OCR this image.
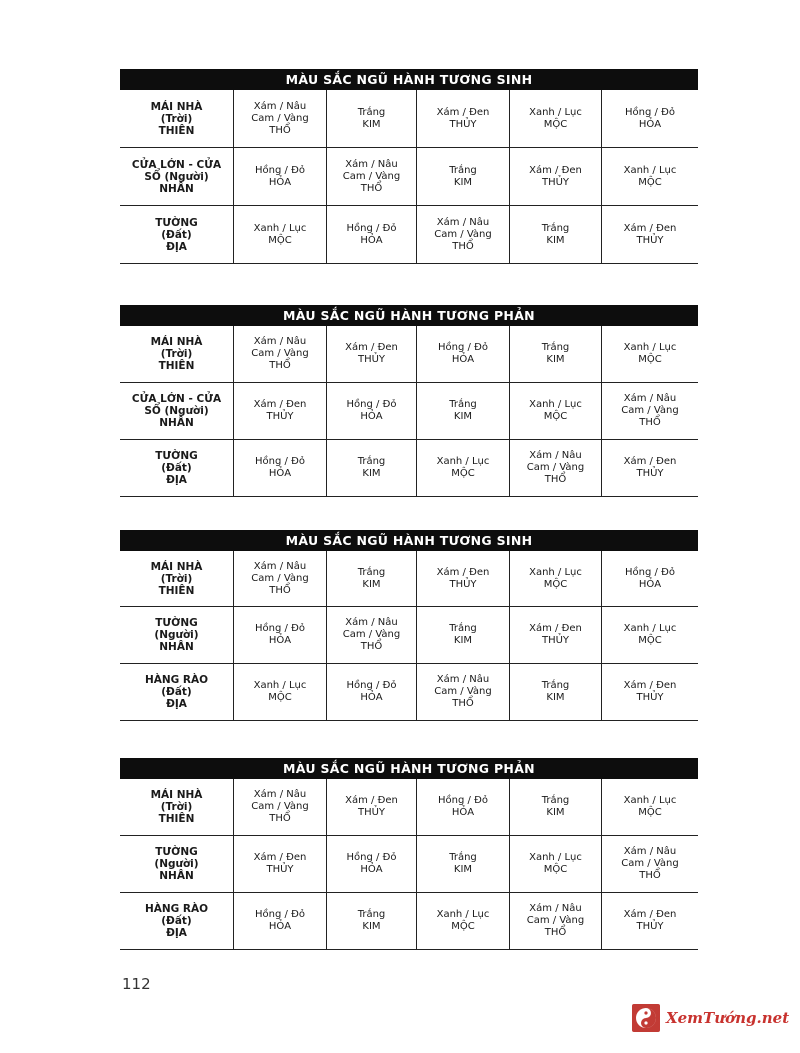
MÀU SẮC NGŨ HÀNH TƯƠNG SINH
MÁI NHÀ
(Trời)
THIÊN
Xám / Nâu
Cam / Vàng
THỔ
Trắng
KIM
Xám / Đen
THỦY
Xanh / Lục
MỘC
Hồng / Đỏ
HỎA
CỬA LỚN - CỬA
SỔ (Người)
NHÂN
Hồng / Đỏ
HỎA
Xám / Nâu
Cam / Vàng
THỔ
Trắng
KIM
Xám / Đen
THỦY
Xanh / Lục
MỘC
TƯỜNG
(Đất)
ĐỊA
Xanh / Lục
MỘC
Hồng / Đỏ
HỎA
Xám / Nâu
Cam / Vàng
THỔ
Trắng
KIM
Xám / Đen
THỦY
MÀU SẮC NGŨ HÀNH TƯƠNG PHẢN
MÁI NHÀ
(Trời)
THIÊN
Xám / Nâu
Cam / Vàng
THỔ
Xám / Đen
THỦY
Hồng / Đỏ
HỎA
Trắng
KIM
Xanh / Lục
MỘC
CỬA LỚN - CỬA
SỔ (Người)
NHÂN
Xám / Đen
THỦY
Hồng / Đỏ
HỎA
Trắng
KIM
Xanh / Lục
MỘC
Xám / Nâu
Cam / Vàng
THỔ
TƯỜNG
(Đất)
ĐỊA
Hồng / Đỏ
HỎA
Trắng
KIM
Xanh / Lục
MỘC
Xám / Nâu
Cam / Vàng
THỔ
Xám / Đen
THỦY
MÀU SẮC NGŨ HÀNH TƯƠNG SINH
MÁI NHÀ
(Trời)
THIÊN
Xám / Nâu
Cam / Vàng
THỔ
Trắng
KIM
Xám / Đen
THỦY
Xanh / Lục
MỘC
Hồng / Đỏ
HỎA
TƯỜNG
(Người)
NHÂN
Hồng / Đỏ
HỎA
Xám / Nâu
Cam / Vàng
THỔ
Trắng
KIM
Xám / Đen
THỦY
Xanh / Lục
MỘC
HÀNG RÀO
(Đất)
ĐỊA
Xanh / Lục
MỘC
Hồng / Đỏ
HỎA
Xám / Nâu
Cam / Vàng
THỔ
Trắng
KIM
Xám / Đen
THỦY
MÀU SẮC NGŨ HÀNH TƯƠNG PHẢN
MÁI NHÀ
(Trời)
THIÊN
Xám / Nâu
Cam / Vàng
THỔ
Xám / Đen
THỦY
Hồng / Đỏ
HỎA
Trắng
KIM
Xanh / Lục
MỘC
TƯỜNG
(Người)
NHÂN
Xám / Đen
THỦY
Hồng / Đỏ
HỎA
Trắng
KIM
Xanh / Lục
MỘC
Xám / Nâu
Cam / Vàng
THỔ
HÀNG RÀO
(Đất)
ĐỊA
Hồng / Đỏ
HỎA
Trắng
KIM
Xanh / Lục
MỘC
Xám / Nâu
Cam / Vàng
THỔ
Xám / Đen
THỦY
112
XemTướng.net
